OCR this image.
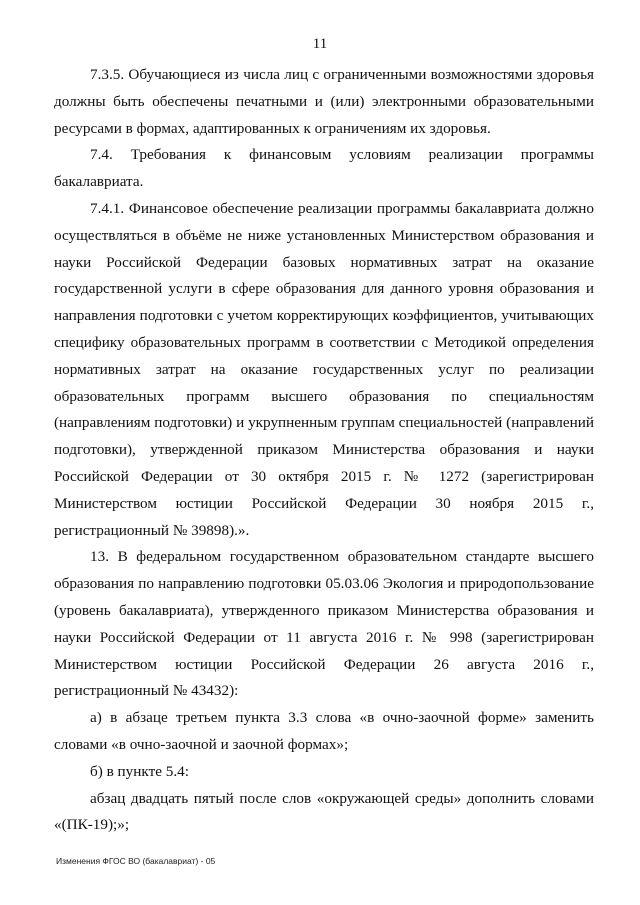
11

7.3.5. Обучающиеся из числа лиц с ограниченными возможностями здоровья должны быть обеспечены печатными и (или) электронными образовательными ресурсами в формах, адаптированных к ограничениям их здоровья.

7.4. Требования к финансовым условиям реализации программы бакалавриата.

7.4.1. Финансовое обеспечение реализации программы бакалавриата должно осуществляться в объёме не ниже установленных Министерством образования и науки Российской Федерации базовых нормативных затрат на оказание государственной услуги в сфере образования для данного уровня образования и направления подготовки с учетом корректирующих коэффициентов, учитывающих специфику образовательных программ в соответствии с Методикой определения нормативных затрат на оказание государственных услуг по реализации образовательных программ высшего образования по специальностям (направлениям подготовки) и укрупненным группам специальностей (направлений подготовки), утвержденной приказом Министерства образования и науки Российской Федерации от 30 октября 2015 г. № 1272 (зарегистрирован Министерством юстиции Российской Федерации 30 ноября 2015 г., регистрационный № 39898).».

13. В федеральном государственном образовательном стандарте высшего образования по направлению подготовки 05.03.06 Экология и природопользование (уровень бакалавриата), утвержденного приказом Министерства образования и науки Российской Федерации от 11 августа 2016 г. № 998 (зарегистрирован Министерством юстиции Российской Федерации 26 августа 2016 г., регистрационный № 43432):

а) в абзаце третьем пункта 3.3 слова «в очно-заочной форме» заменить словами «в очно-заочной и заочной формах»;

б) в пункте 5.4:

абзац двадцать пятый после слов «окружающей среды» дополнить словами «(ПК-19);»;

Изменения ФГОС ВО (бакалавриат) - 05
